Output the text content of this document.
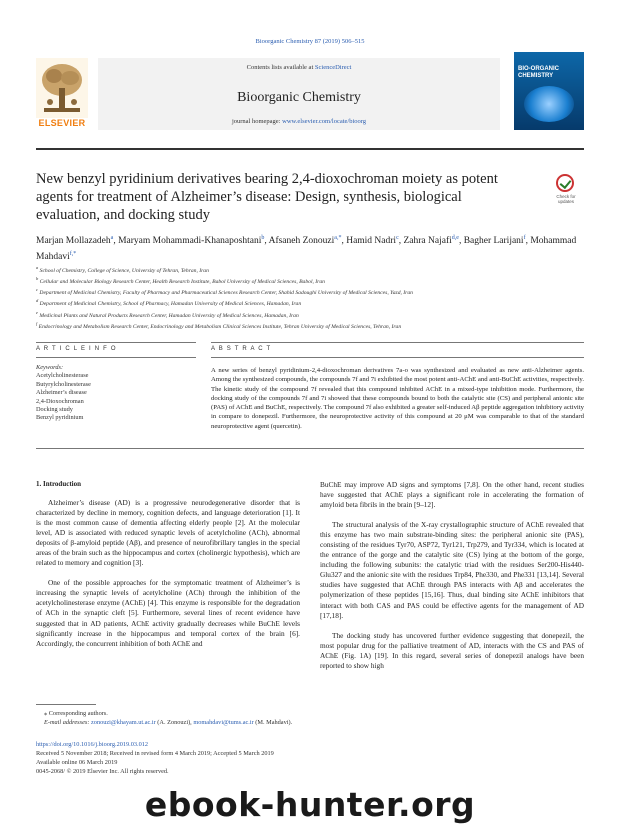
Bioorganic Chemistry 87 (2019) 506–515
ELSEVIER
Contents lists available at ScienceDirect
Bioorganic Chemistry
journal homepage: www.elsevier.com/locate/bioorg
BIO-ORGANIC CHEMISTRY
New benzyl pyridinium derivatives bearing 2,4-dioxochroman moiety as potent agents for treatment of Alzheimer’s disease: Design, synthesis, biological evaluation, and docking study
Check for updates
Marjan Mollazadeh$^a$, Maryam Mohammadi-Khanaposhtani$^b$, Afsaneh Zonouzi$^{a,*}$, Hamid Nadri$^c$, Zahra Najafi$^{d,e}$, Bagher Larijani$^f$, Mohammad Mahdavi$^{f,*}$
$^a$ School of Chemistry, College of Science, University of Tehran, Tehran, Iran
$^b$ Cellular and Molecular Biology Research Center, Health Research Institute, Babol University of Medical Sciences, Babol, Iran
$^c$ Department of Medicinal Chemistry, Faculty of Pharmacy and Pharmaceutical Sciences Research Center, Shahid Sadoughi University of Medical Sciences, Yazd, Iran
$^d$ Department of Medicinal Chemistry, School of Pharmacy, Hamadan University of Medical Sciences, Hamadan, Iran
$^e$ Medicinal Plants and Natural Products Research Center, Hamadan University of Medical Sciences, Hamadan, Iran
$^f$ Endocrinology and Metabolism Research Center, Endocrinology and Metabolism Clinical Sciences Institute, Tehran University of Medical Sciences, Tehran, Iran
A R T I C L E I N F O	A B S T R A C T
Keywords:
Acetylcholinesterase
Butyrylcholinesterase
Alzheimer’s disease
2,4-Dioxochroman
Docking study
Benzyl pyridinium
A new series of benzyl pyridinium-2,4-dioxochroman derivatives 7a-o was synthesized and evaluated as new anti-Alzheimer agents. Among the synthesized compounds, the compounds 7f and 7i exhibited the most potent anti-AChE and anti-BuChE activities, respectively. The kinetic study of the compound 7f revealed that this compound inhibited AChE in a mixed-type inhibition mode. Furthermore, the docking study of the compounds 7f and 7i showed that these compounds bound to both the catalytic site (CS) and peripheral anionic site (PAS) of AChE and BuChE, respectively. The compound 7f also exhibited a greater self-induced Aβ peptide aggregation inhibitory activity in compare to donepezil. Furthermore, the neuroprotective activity of this compound at 20 μM was comparable to that of the standard neuroprotective agent (quercetin).
1. Introduction

Alzheimer’s disease (AD) is a progressive neurodegenerative disorder that is characterized by decline in memory, cognition defects, and language deterioration [1]. It is the most common cause of dementia affecting elderly people [2]. At the molecular level, AD is associated with reduced synaptic levels of acetylcholine (ACh), abnormal deposits of β-amyloid peptide (Aβ), and presence of neurofibrillary tangles in the special areas of the brain such as the hippocampus and cortex (cholinergic hypothesis), which are related to memory and cognition [3].

One of the possible approaches for the symptomatic treatment of Alzheimer’s is increasing the synaptic levels of acetylcholine (ACh) through the inhibition of the acetylcholinesterase enzyme (AChE) [4]. This enzyme is responsible for the degradation of ACh in the synaptic cleft [5]. Furthermore, several lines of recent evidence have suggested that in AD patients, AChE activity gradually decreases while BuChE levels significantly increase in the hippocampus and temporal cortex of the brain [6]. Accordingly, the concurrent inhibition of both AChE and

BuChE may improve AD signs and symptoms [7,8]. On the other hand, recent studies have suggested that AChE plays a significant role in accelerating the formation of amyloid beta fibrils in the brain [9–12].

The structural analysis of the X-ray crystallographic structure of AChE revealed that this enzyme has two main substrate-binding sites: the peripheral anionic site (PAS), consisting of the residues Tyr70, ASP72, Tyr121, Trp279, and Tyr334, which is located at the entrance of the gorge and the catalytic site (CS) lying at the bottom of the gorge, including the following subunits: the catalytic triad with the residues Ser200-His440-Glu327 and the anionic site with the residues Trp84, Phe330, and Phe331 [13,14]. Several studies have suggested that AChE through PAS interacts with Aβ and accelerates the polymerization of these peptides [15,16]. Thus, dual binding site AChE inhibitors that interact with both CAS and PAS could be effective agents for the management of AD [17,18].

The docking study has uncovered further evidence suggesting that donepezil, the most popular drug for the palliative treatment of AD, interacts with the CS and PAS of AChE (Fig. 1A) [19]. In this regard, several series of donepezil analogs have been reported to show high

⁎ Corresponding authors.
E-mail addresses: zonouzi@khayam.ut.ac.ir (A. Zonouzi), momahdavi@tums.ac.ir (M. Mahdavi).
https://doi.org/10.1016/j.bioorg.2019.03.012
Received 5 November 2018; Received in revised form 4 March 2019; Accepted 5 March 2019
Available online 06 March 2019
0045-2068/ © 2019 Elsevier Inc. All rights reserved.
ebook-hunter.org
